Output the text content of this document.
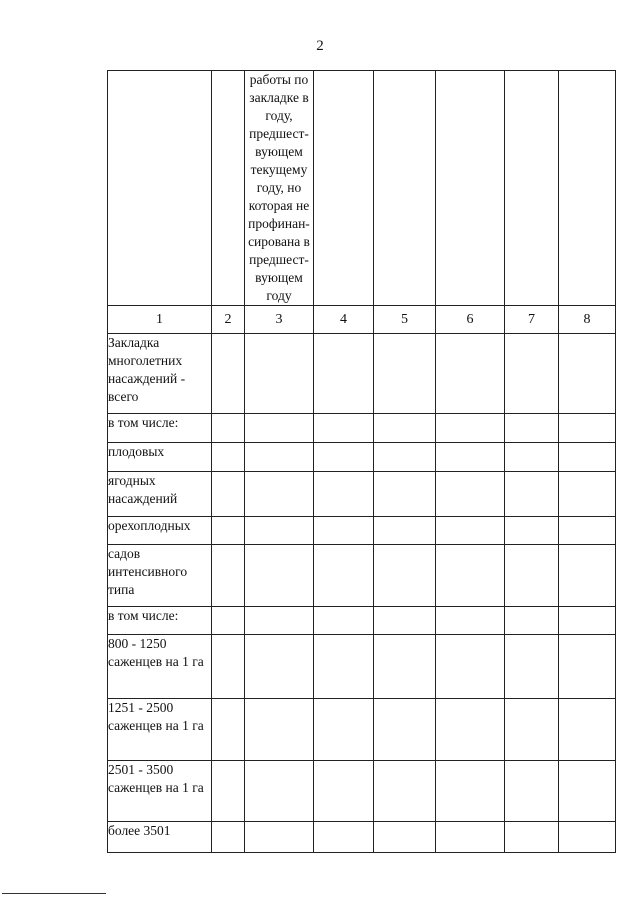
2
		работы по закладке в году, предшест-вующем текущему году, но которая не профинан-сирована в предшест-вующем году					
1	2	3	4	5	6	7	8
Закладка многолетних насаждений - всего							
в том числе:							
плодовых							
ягодных насаждений							
орехоплодных							
садов интенсивного типа							
в том числе:							
800 - 1250 саженцев на 1 га							
1251 - 2500 саженцев на 1 га							
2501 - 3500 саженцев на 1 га							
более 3501							
